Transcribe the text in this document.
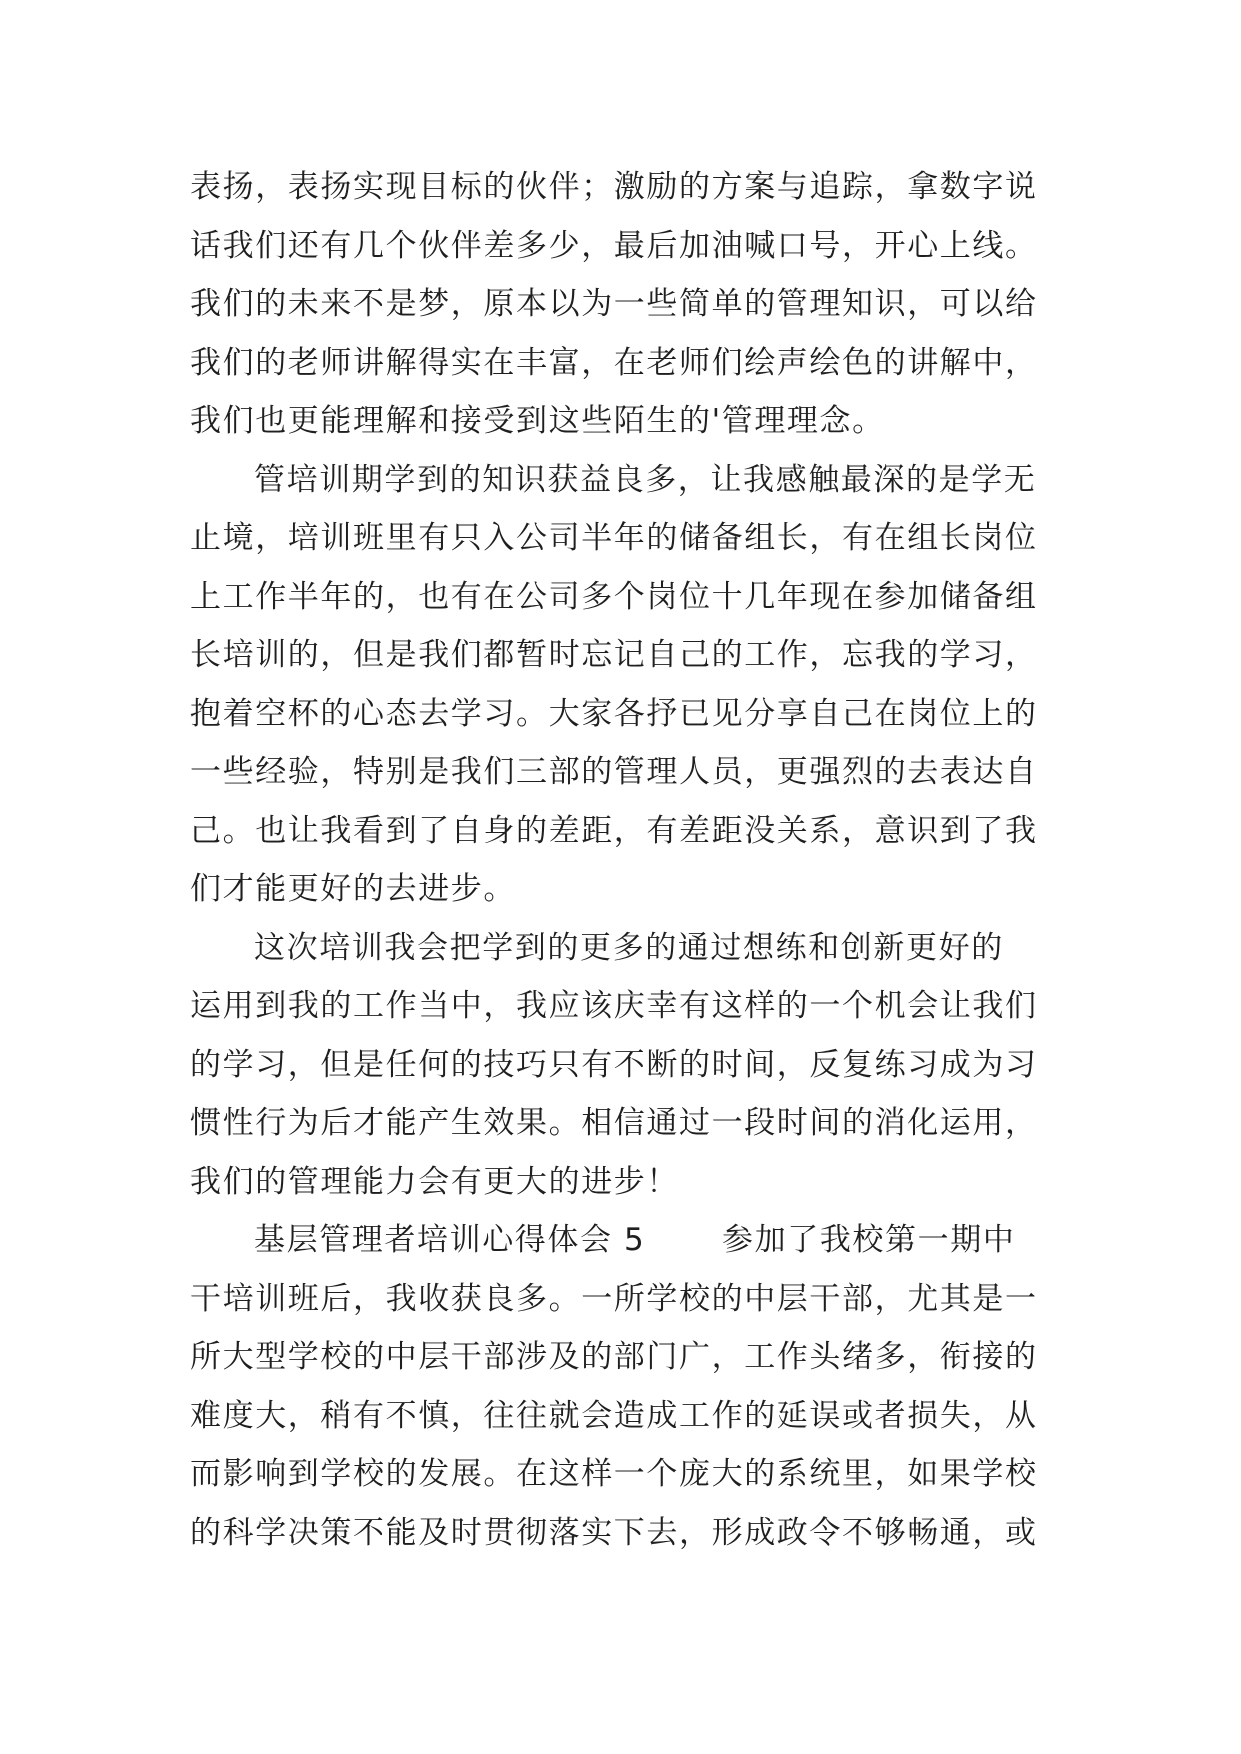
表扬，表扬实现目标的伙伴；激励的方案与追踪，拿数字说
话我们还有几个伙伴差多少，最后加油喊口号，开心上线。
我们的未来不是梦，原本以为一些简单的管理知识，可以给
我们的老师讲解得实在丰富，在老师们绘声绘色的讲解中，
我们也更能理解和接受到这些陌生的'管理理念。
管培训期学到的知识获益良多，让我感触最深的是学无
止境，培训班里有只入公司半年的储备组长，有在组长岗位
上工作半年的，也有在公司多个岗位十几年现在参加储备组
长培训的，但是我们都暂时忘记自己的工作，忘我的学习，
抱着空杯的心态去学习。大家各抒已见分享自己在岗位上的
一些经验，特别是我们三部的管理人员，更强烈的去表达自
己。也让我看到了自身的差距，有差距没关系，意识到了我
们才能更好的去进步。
这次培训我会把学到的更多的通过想练和创新更好的
运用到我的工作当中，我应该庆幸有这样的一个机会让我们
的学习，但是任何的技巧只有不断的时间，反复练习成为习
惯性行为后才能产生效果。相信通过一段时间的消化运用，
我们的管理能力会有更大的进步！
基层管理者培训心得体会 5 　　参加了我校第一期中
干培训班后，我收获良多。一所学校的中层干部，尤其是一
所大型学校的中层干部涉及的部门广，工作头绪多，衔接的
难度大，稍有不慎，往往就会造成工作的延误或者损失，从
而影响到学校的发展。在这样一个庞大的系统里，如果学校
的科学决策不能及时贯彻落实下去，形成政令不够畅通，或
